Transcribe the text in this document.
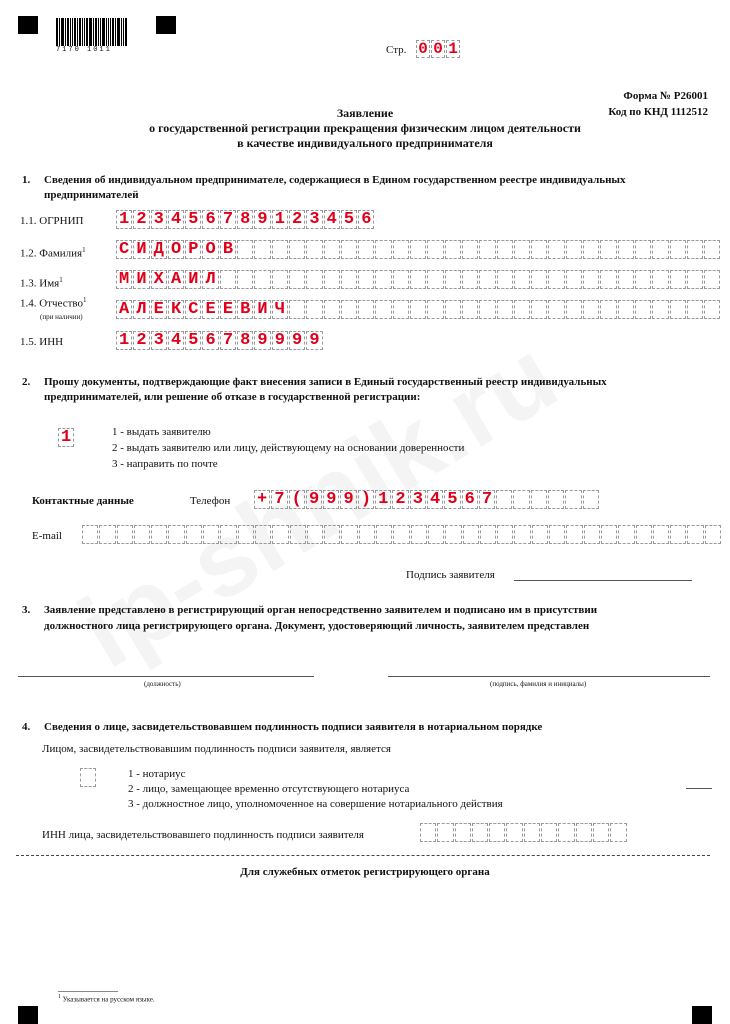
7170 1011	Стр. 0 0 1
Форма № Р26001
Код по КНД 1112512
Заявление
о государственной регистрации прекращения физическим лицом деятельности
в качестве индивидуального предпринимателя
1. Сведения об индивидуальном предпринимателе, содержащиеся в Едином государственном реестре индивидуальных
предпринимателей
1.1. ОГРНИП 1 2 3 4 5 6 7 8 9 1 2 3 4 5 6
1.2. Фамилия$^1$ С И Д О Р О В
1.3. Имя$^1$	М И Х А И Л
1.4. Отчество$^1$
(при наличии) А Л Е К С Е Е В И Ч
1.5. ИНН	1 2 3 4 5 6 7 8 9 9 9 9
2. Прошу документы, подтверждающие факт внесения записи в Единый государственный реестр индивидуальных
предпринимателей, или решение об отказе в государственной регистрации:
1	1 - выдать заявителю
2 - выдать заявителю или лицу, действующему на основании доверенности
3 - направить по почте
Контактные данные	Телефон + 7 ( 9 9 9 ) 1 2 3 4 5 6 7
E-mail
Подпись заявителя
3. Заявление представлено в регистрирующий орган непосредственно заявителем и подписано им в присутствии
должностного лица регистрирующего органа. Документ, удостоверяющий личность, заявителем представлен
(должность)	(подпись, фамилия и инициалы)
4. Сведения о лице, засвидетельствовавшем подлинность подписи заявителя в нотариальном порядке
Лицом, засвидетельствовавшим подлинность подписи заявителя, является
1 - нотариус
2 - лицо, замещающее временно отсутствующего нотариуса
3 - должностное лицо, уполномоченное на совершение нотариального действия
ИНН лица, засвидетельствовавшего подлинность подписи заявителя
Для служебных отметок регистрирующего органа
$^1$ Указывается на русском языке.
